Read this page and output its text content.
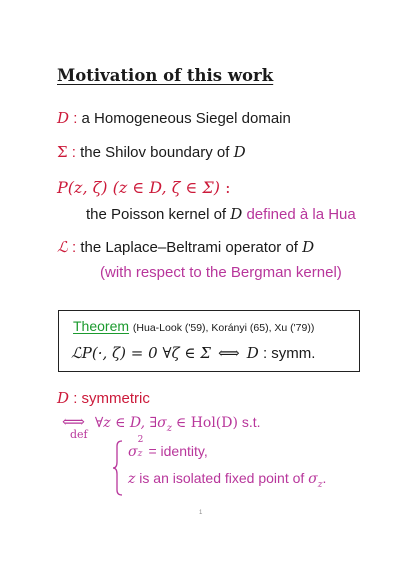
Motivation of this work
D : a Homogeneous Siegel domain
Σ : the Shilov boundary of D
P(z, ζ) (z ∈ D, ζ ∈ Σ) :
the Poisson kernel of D defined à la Hua
ℒ : the Laplace–Beltrami operator of D
(with respect to the Bergman kernel)
Theorem (Hua-Look ('59), Korányi (65), Xu ('79))
ℒP(·, ζ) = 0 ∀ζ ∈ Σ ⟺ D : symm.
D : symmetric
⟺ ∀z ∈ D, $\exists\sigma_z$ ∈ Hol(D) s.t.
def
σ
2
z = identity,
z is an isolated fixed point of $\sigma_z$.
1
